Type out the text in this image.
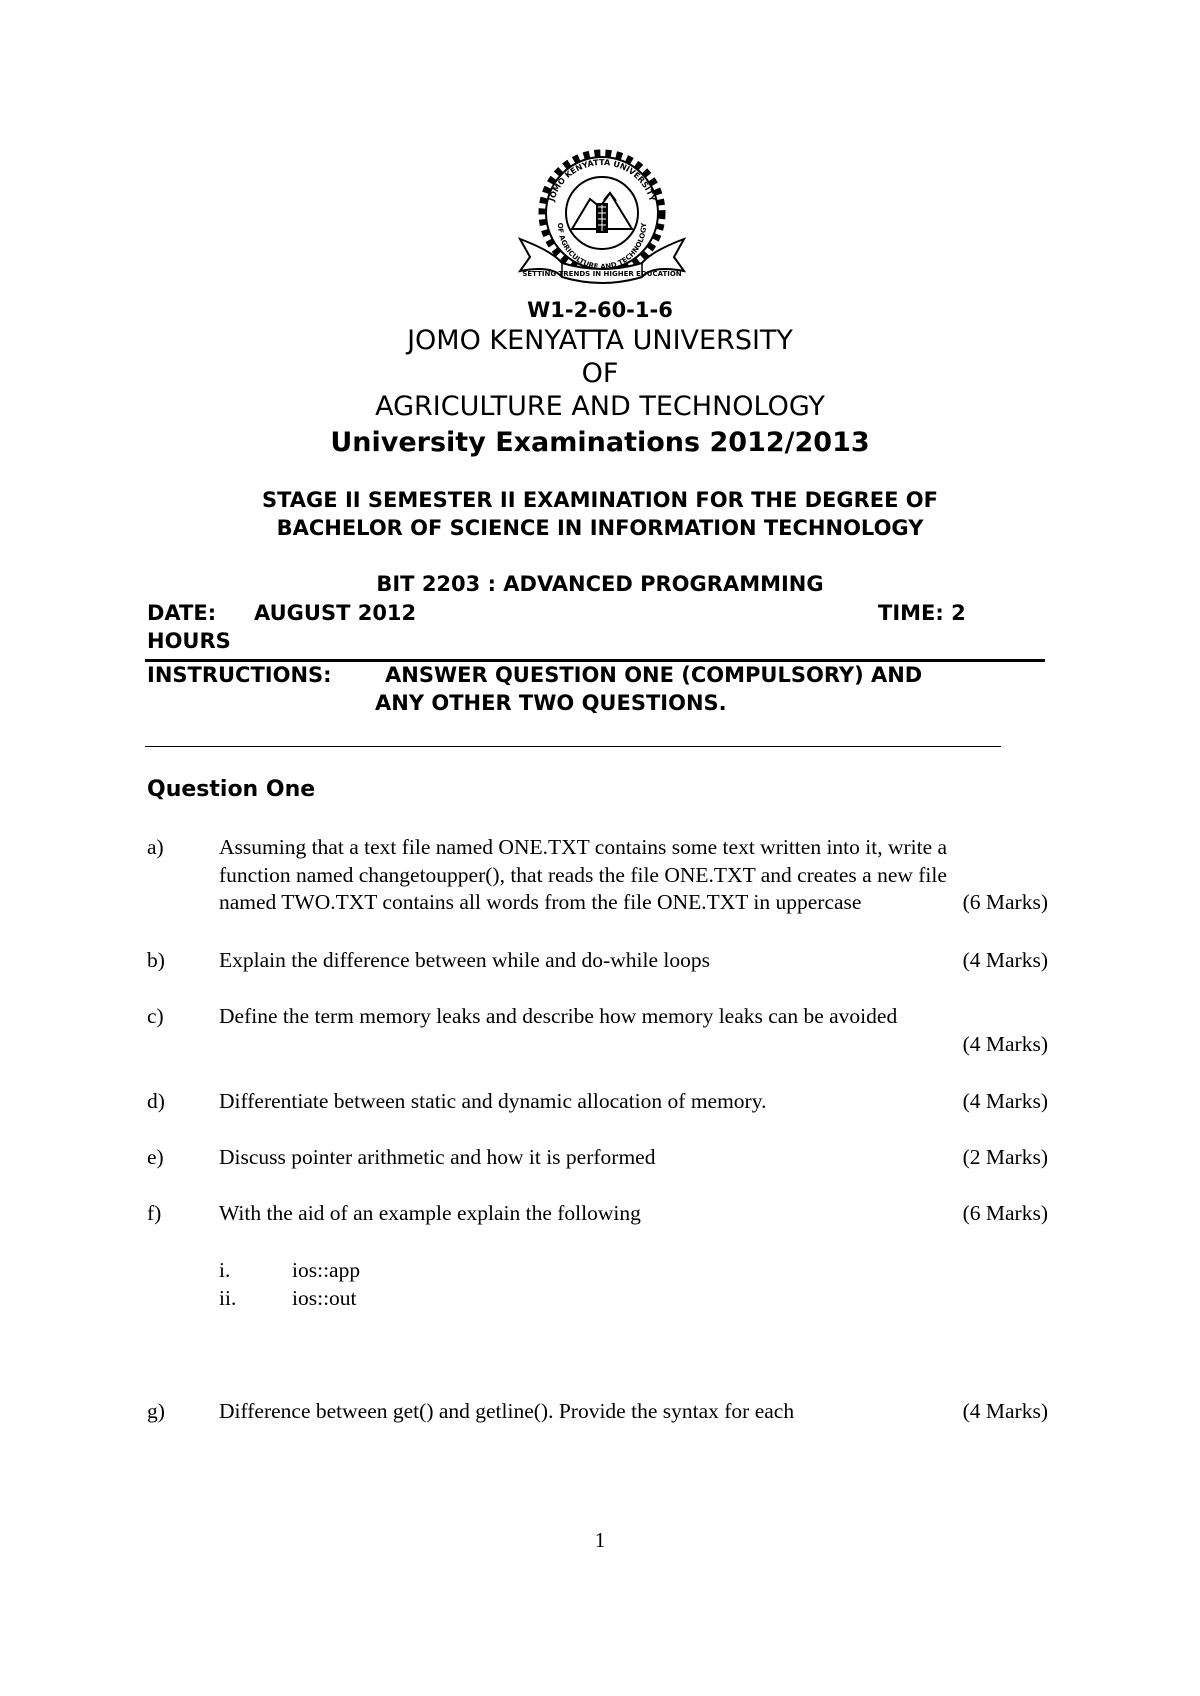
JOMO KENYATTA UNIVERSITY
OF AGRICULTURE AND TECHNOLOGY
SETTING TRENDS IN HIGHER EDUCATION
W1-2-60-1-6
JOMO KENYATTA UNIVERSITY
OF
AGRICULTURE AND TECHNOLOGY
University Examinations 2012/2013
STAGE II SEMESTER II EXAMINATION FOR THE DEGREE OF
BACHELOR OF SCIENCE IN INFORMATION TECHNOLOGY
BIT 2203 : ADVANCED PROGRAMMING
DATE: AUGUST 2012	TIME: 2
HOURS
INSTRUCTIONS:	ANSWER QUESTION ONE (COMPULSORY) AND
ANY OTHER TWO QUESTIONS.
Question One
a)	Assuming that a text file named ONE.TXT contains some text written into it, write a
function named changetoupper(), that reads the file ONE.TXT and creates a new file
named TWO.TXT contains all words from the file ONE.TXT in uppercase	(6 Marks)
b)	Explain the difference between while and do-while loops	(4 Marks)
c)	Define the term memory leaks and describe how memory leaks can be avoided
(4 Marks)
d)	Differentiate between static and dynamic allocation of memory.	(4 Marks)
e)	Discuss pointer arithmetic and how it is performed	(2 Marks)
f)	With the aid of an example explain the following	(6 Marks)
i.	ios::app
ii.	ios::out
g)	Difference between get() and getline(). Provide the syntax for each	(4 Marks)
1
